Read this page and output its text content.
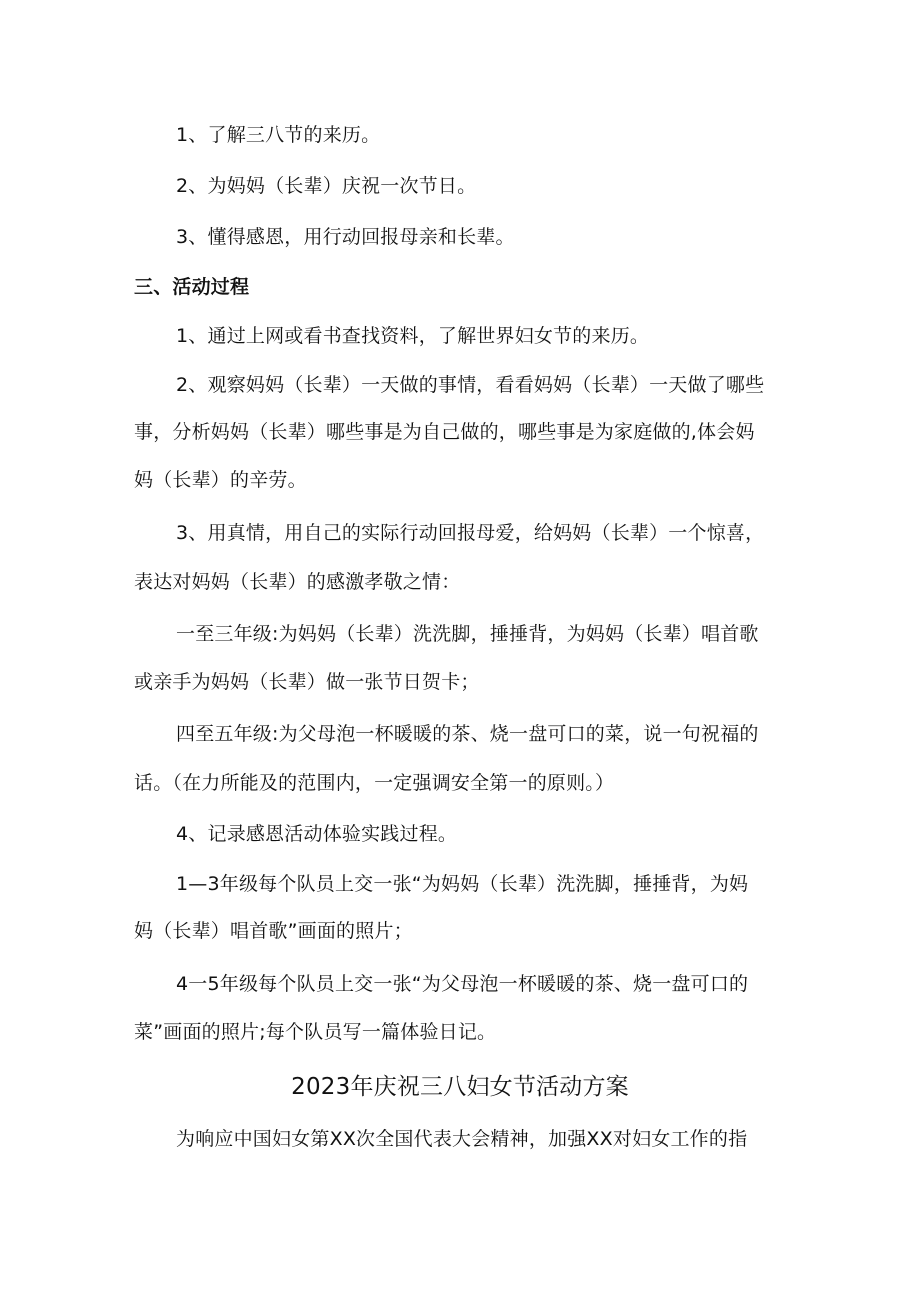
1、了解三八节的来历。
2、为妈妈（长辈）庆祝一次节日。
3、懂得感恩，用行动回报母亲和长辈。
三、活动过程
1、通过上网或看书查找资料，了解世界妇女节的来历。
2、观察妈妈（长辈）一天做的事情，看看妈妈（长辈）一天做了哪些
事，分析妈妈（长辈）哪些事是为自己做的，哪些事是为家庭做的,体会妈
妈（长辈）的辛劳。
3、用真情，用自己的实际行动回报母爱，给妈妈（长辈）一个惊喜，
表达对妈妈（长辈）的感激孝敬之情：
一至三年级:为妈妈（长辈）洗洗脚，捶捶背，为妈妈（长辈）唱首歌
或亲手为妈妈（长辈）做一张节日贺卡；
四至五年级:为父母泡一杯暖暖的茶、烧一盘可口的菜，说一句祝福的
话。（在力所能及的范围内，一定强调安全第一的原则。）
4、记录感恩活动体验实践过程。
1—3年级每个队员上交一张“为妈妈（长辈）洗洗脚，捶捶背，为妈
妈（长辈）唱首歌”画面的照片；
4一5年级每个队员上交一张“为父母泡一杯暖暖的茶、烧一盘可口的
菜”画面的照片;每个队员写一篇体验日记。
2023年庆祝三八妇女节活动方案
为响应中国妇女第XX次全国代表大会精神，加强XX对妇女工作的指
